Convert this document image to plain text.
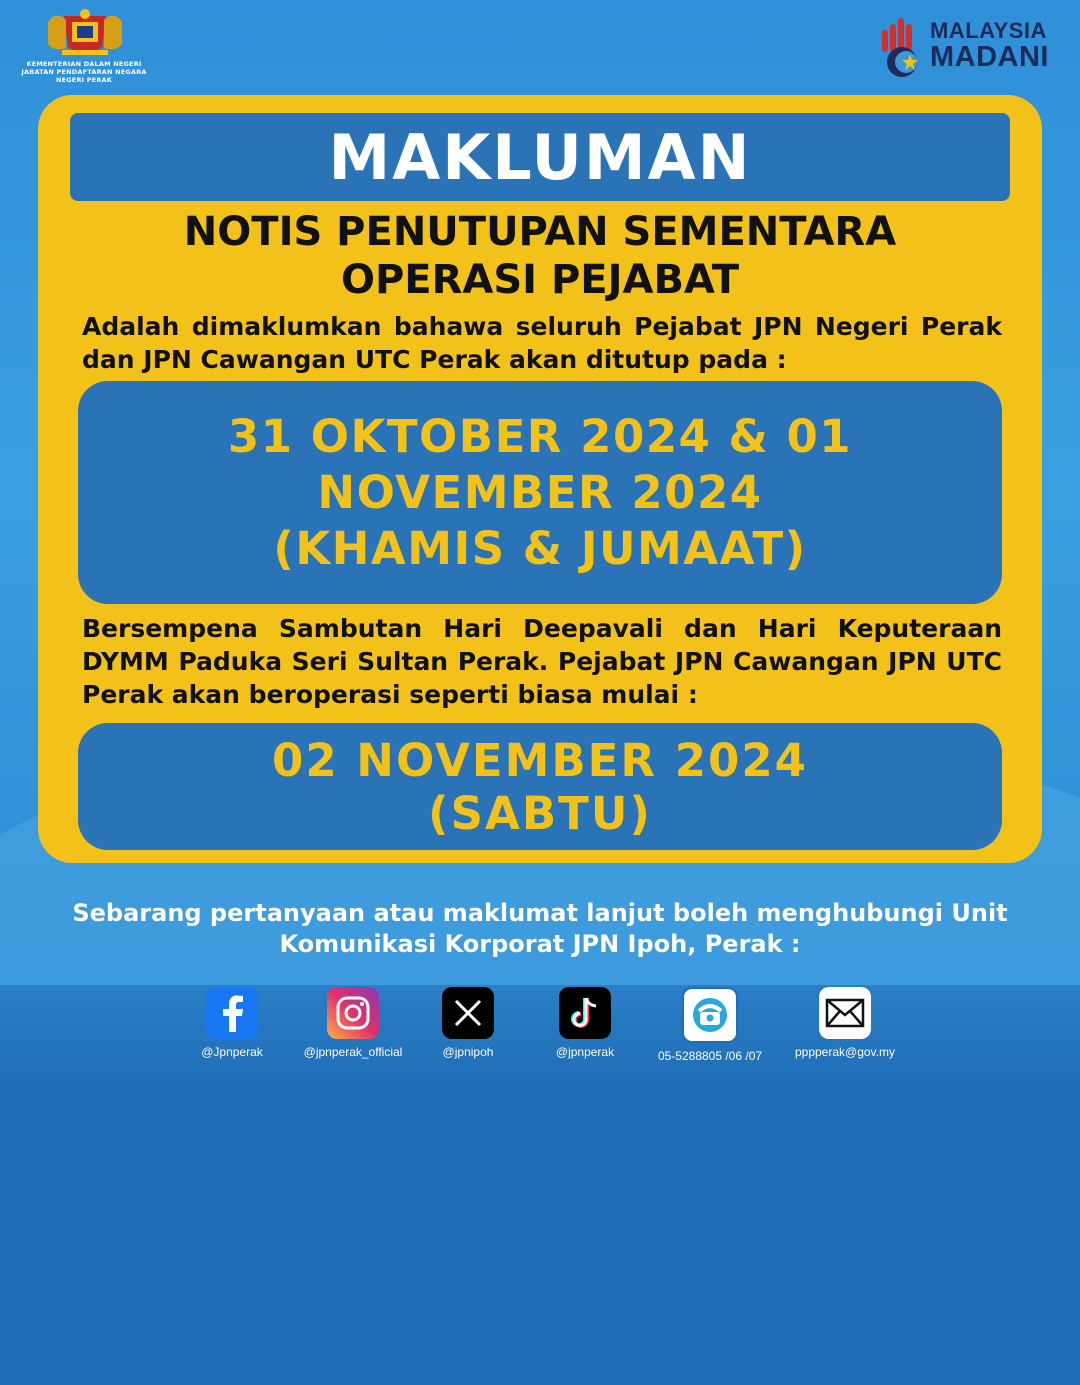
KEMENTERIAN DALAM NEGERI
JABATAN PENDAFTARAN NEGARA
NEGERI PERAK
MALAYSIA
MADANI
MAKLUMAN
NOTIS PENUTUPAN SEMENTARA
OPERASI PEJABAT
Adalah dimaklumkan bahawa seluruh Pejabat JPN Negeri Perak dan JPN Cawangan UTC Perak akan ditutup pada :
31 OKTOBER 2024 & 01
NOVEMBER 2024
(KHAMIS & JUMAAT)
Bersempena Sambutan Hari Deepavali dan Hari Keputeraan DYMM Paduka Seri Sultan Perak. Pejabat JPN Cawangan JPN UTC Perak akan beroperasi seperti biasa mulai :
02 NOVEMBER 2024
(SABTU)
Sebarang pertanyaan atau maklumat lanjut boleh menghubungi Unit
Komunikasi Korporat JPN Ipoh, Perak :
@Jpnperak	@jpnperak_official	@jpnipoh	@jpnperak	05-5288805 /06 /07	pppperak@gov.my
